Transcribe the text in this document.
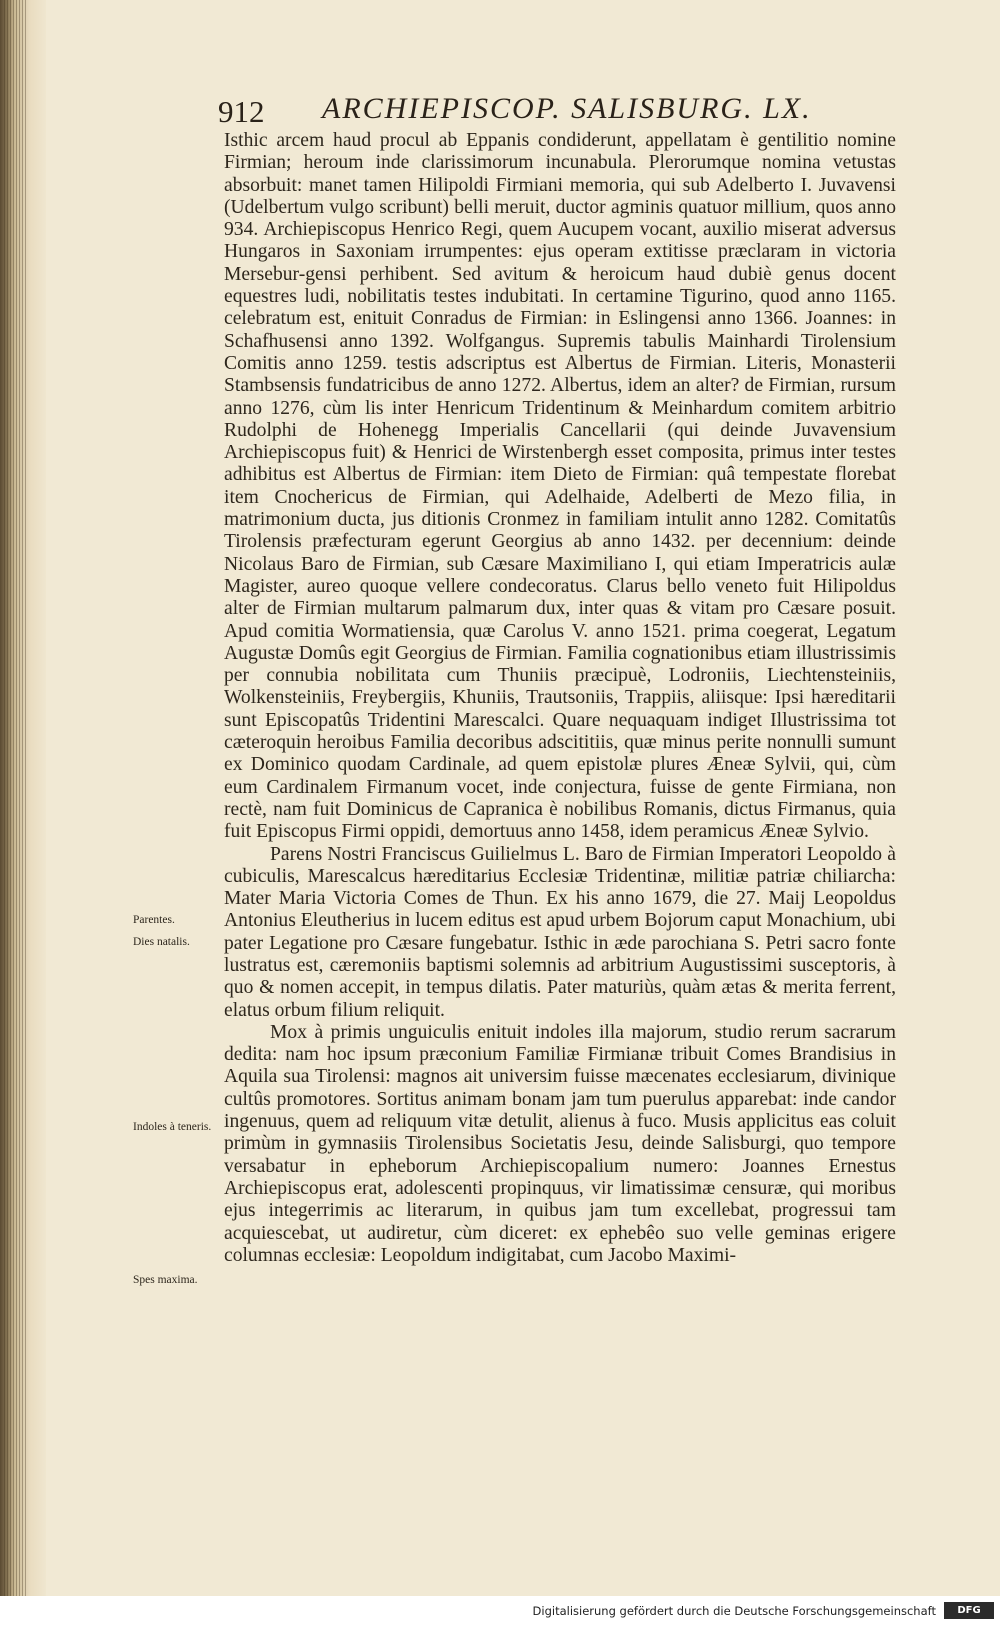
912 ARCHIEPISCOP. SALISBURG. LX.
Parentes.
Dies natalis.
Indoles à teneris.
Spes maxima.

Isthic arcem haud procul ab Eppanis condiderunt, appellatam è gentilitio nomine Firmian; heroum inde clarissimorum incunabula. Plerorumque nomina vetustas absorbuit: manet tamen Hilipoldi Firmiani memoria, qui sub Adelberto I. Juvavensi (Udelbertum vulgo scribunt) belli meruit, ductor agminis quatuor millium, quos anno 934. Archiepiscopus Henrico Regi, quem Aucupem vocant, auxilio miserat adversus Hungaros in Saxoniam irrumpentes: ejus operam extitisse præclaram in victoria Mersebur-gensi perhibent. Sed avitum & heroicum haud dubiè genus docent equestres ludi, nobilitatis testes indubitati. In certamine Tigurino, quod anno 1165. celebratum est, enituit Conradus de Firmian: in Eslingensi anno 1366. Joannes: in Schafhusensi anno 1392. Wolfgangus. Supremis tabulis Mainhardi Tirolensium Comitis anno 1259. testis adscriptus est Albertus de Firmian. Literis, Monasterii Stambsensis fundatricibus de anno 1272. Albertus, idem an alter? de Firmian, rursum anno 1276, cùm lis inter Henricum Tridentinum & Meinhardum comitem arbitrio Rudolphi de Hohenegg Imperialis Cancellarii (qui deinde Juvavensium Archiepiscopus fuit) & Henrici de Wirstenbergh esset composita, primus inter testes adhibitus est Albertus de Firmian: item Dieto de Firmian: quâ tempestate florebat item Cnochericus de Firmian, qui Adelhaide, Adelberti de Mezo filia, in matrimonium ducta, jus ditionis Cronmez in familiam intulit anno 1282. Comitatûs Tirolensis præfecturam egerunt Georgius ab anno 1432. per decennium: deinde Nicolaus Baro de Firmian, sub Cæsare Maximiliano I, qui etiam Imperatricis aulæ Magister, aureo quoque vellere condecoratus. Clarus bello veneto fuit Hilipoldus alter de Firmian multarum palmarum dux, inter quas & vitam pro Cæsare posuit. Apud comitia Wormatiensia, quæ Carolus V. anno 1521. prima coegerat, Legatum Augustæ Domûs egit Georgius de Firmian. Familia cognationibus etiam illustrissimis per connubia nobilitata cum Thuniis præcipuè, Lodroniis, Liechtensteiniis, Wolkensteiniis, Freybergiis, Khuniis, Trautsoniis, Trappiis, aliisque: Ipsi hæreditarii sunt Episcopatûs Tridentini Marescalci. Quare nequaquam indiget Illustrissima tot cæteroquin heroibus Familia decoribus adscititiis, quæ minus perite nonnulli sumunt ex Dominico quodam Cardinale, ad quem epistolæ plures Æneæ Sylvii, qui, cùm eum Cardinalem Firmanum vocet, inde conjectura, fuisse de gente Firmiana, non rectè, nam fuit Dominicus de Capranica è nobilibus Romanis, dictus Firmanus, quia fuit Episcopus Firmi oppidi, demortuus anno 1458, idem peramicus Æneæ Sylvio.

Parens Nostri Franciscus Guilielmus L. Baro de Firmian Imperatori Leopoldo à cubiculis, Marescalcus hæreditarius Ecclesiæ Tridentinæ, militiæ patriæ chiliarcha: Mater Maria Victoria Comes de Thun. Ex his anno 1679, die 27. Maij Leopoldus Antonius Eleutherius in lucem editus est apud urbem Bojorum caput Monachium, ubi pater Legatione pro Cæsare fungebatur. Isthic in æde parochiana S. Petri sacro fonte lustratus est, cæremoniis baptismi solemnis ad arbitrium Augustissimi susceptoris, à quo & nomen accepit, in tempus dilatis. Pater maturiùs, quàm ætas & merita ferrent, elatus orbum filium reliquit.

Mox à primis unguiculis enituit indoles illa majorum, studio rerum sacrarum dedita: nam hoc ipsum præconium Familiæ Firmianæ tribuit Comes Brandisius in Aquila sua Tirolensi: magnos ait universim fuisse mæcenates ecclesiarum, divinique cultûs promotores. Sortitus animam bonam jam tum puerulus apparebat: inde candor ingenuus, quem ad reliquum vitæ detulit, alienus à fuco. Musis applicitus eas coluit primùm in gymnasiis Tirolensibus Societatis Jesu, deinde Salisburgi, quo tempore versabatur in epheborum Archiepiscopalium numero: Joannes Ernestus Archiepiscopus erat, adolescenti propinquus, vir limatissimæ censuræ, qui moribus ejus integerrimis ac literarum, in quibus jam tum excellebat, progressui tam acquiescebat, ut audiretur, cùm diceret: ex ephebêo suo velle geminas erigere columnas ecclesiæ: Leopoldum indigitabat, cum Jacobo Maximi-

Digitalisierung gefördert durch die Deutsche Forschungsgemeinschaft	DFG
